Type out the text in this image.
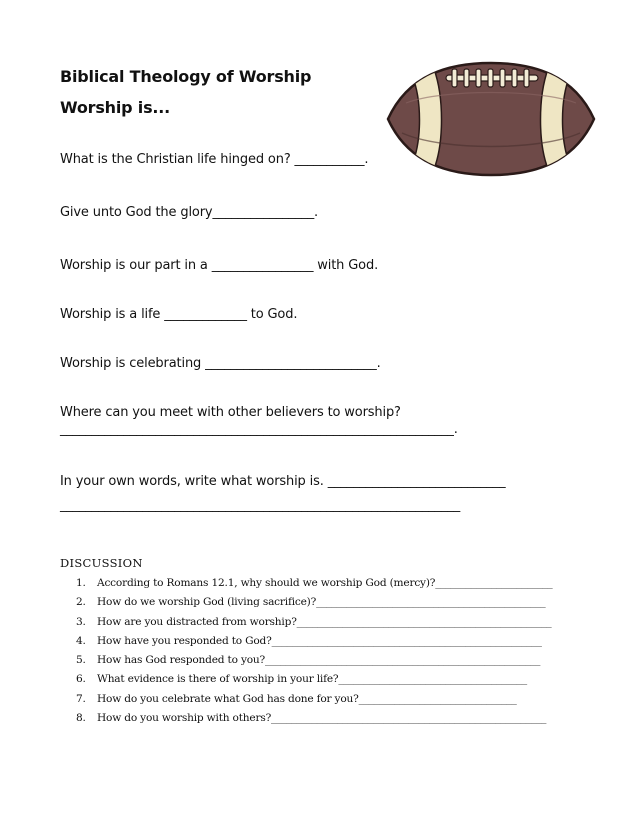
Biblical Theology of Worship
Worship is...

What is the Christian life hinged on? ___________.

Give unto God the glory________________.

Worship is our part in a ________________ with God.

Worship is a life _____________ to God.

Worship is celebrating ___________________________.

Where can you meet with other believers to worship?

______________________________________________________________.

In your own words, write what worship is. ____________________________

_______________________________________________________________

DISCUSSION

1. According to Romans 12.1, why should we worship God (mercy)?_______________________
2. How do we worship God (living sacrifice)?_____________________________________________
3. How are you distracted from worship?__________________________________________________
4. How have you responded to God?_____________________________________________________
5. How has God responded to you?______________________________________________________
6. What evidence is there of worship in your life?_____________________________________
7. How do you celebrate what God has done for you?_______________________________
8. How do you worship with others?______________________________________________________
